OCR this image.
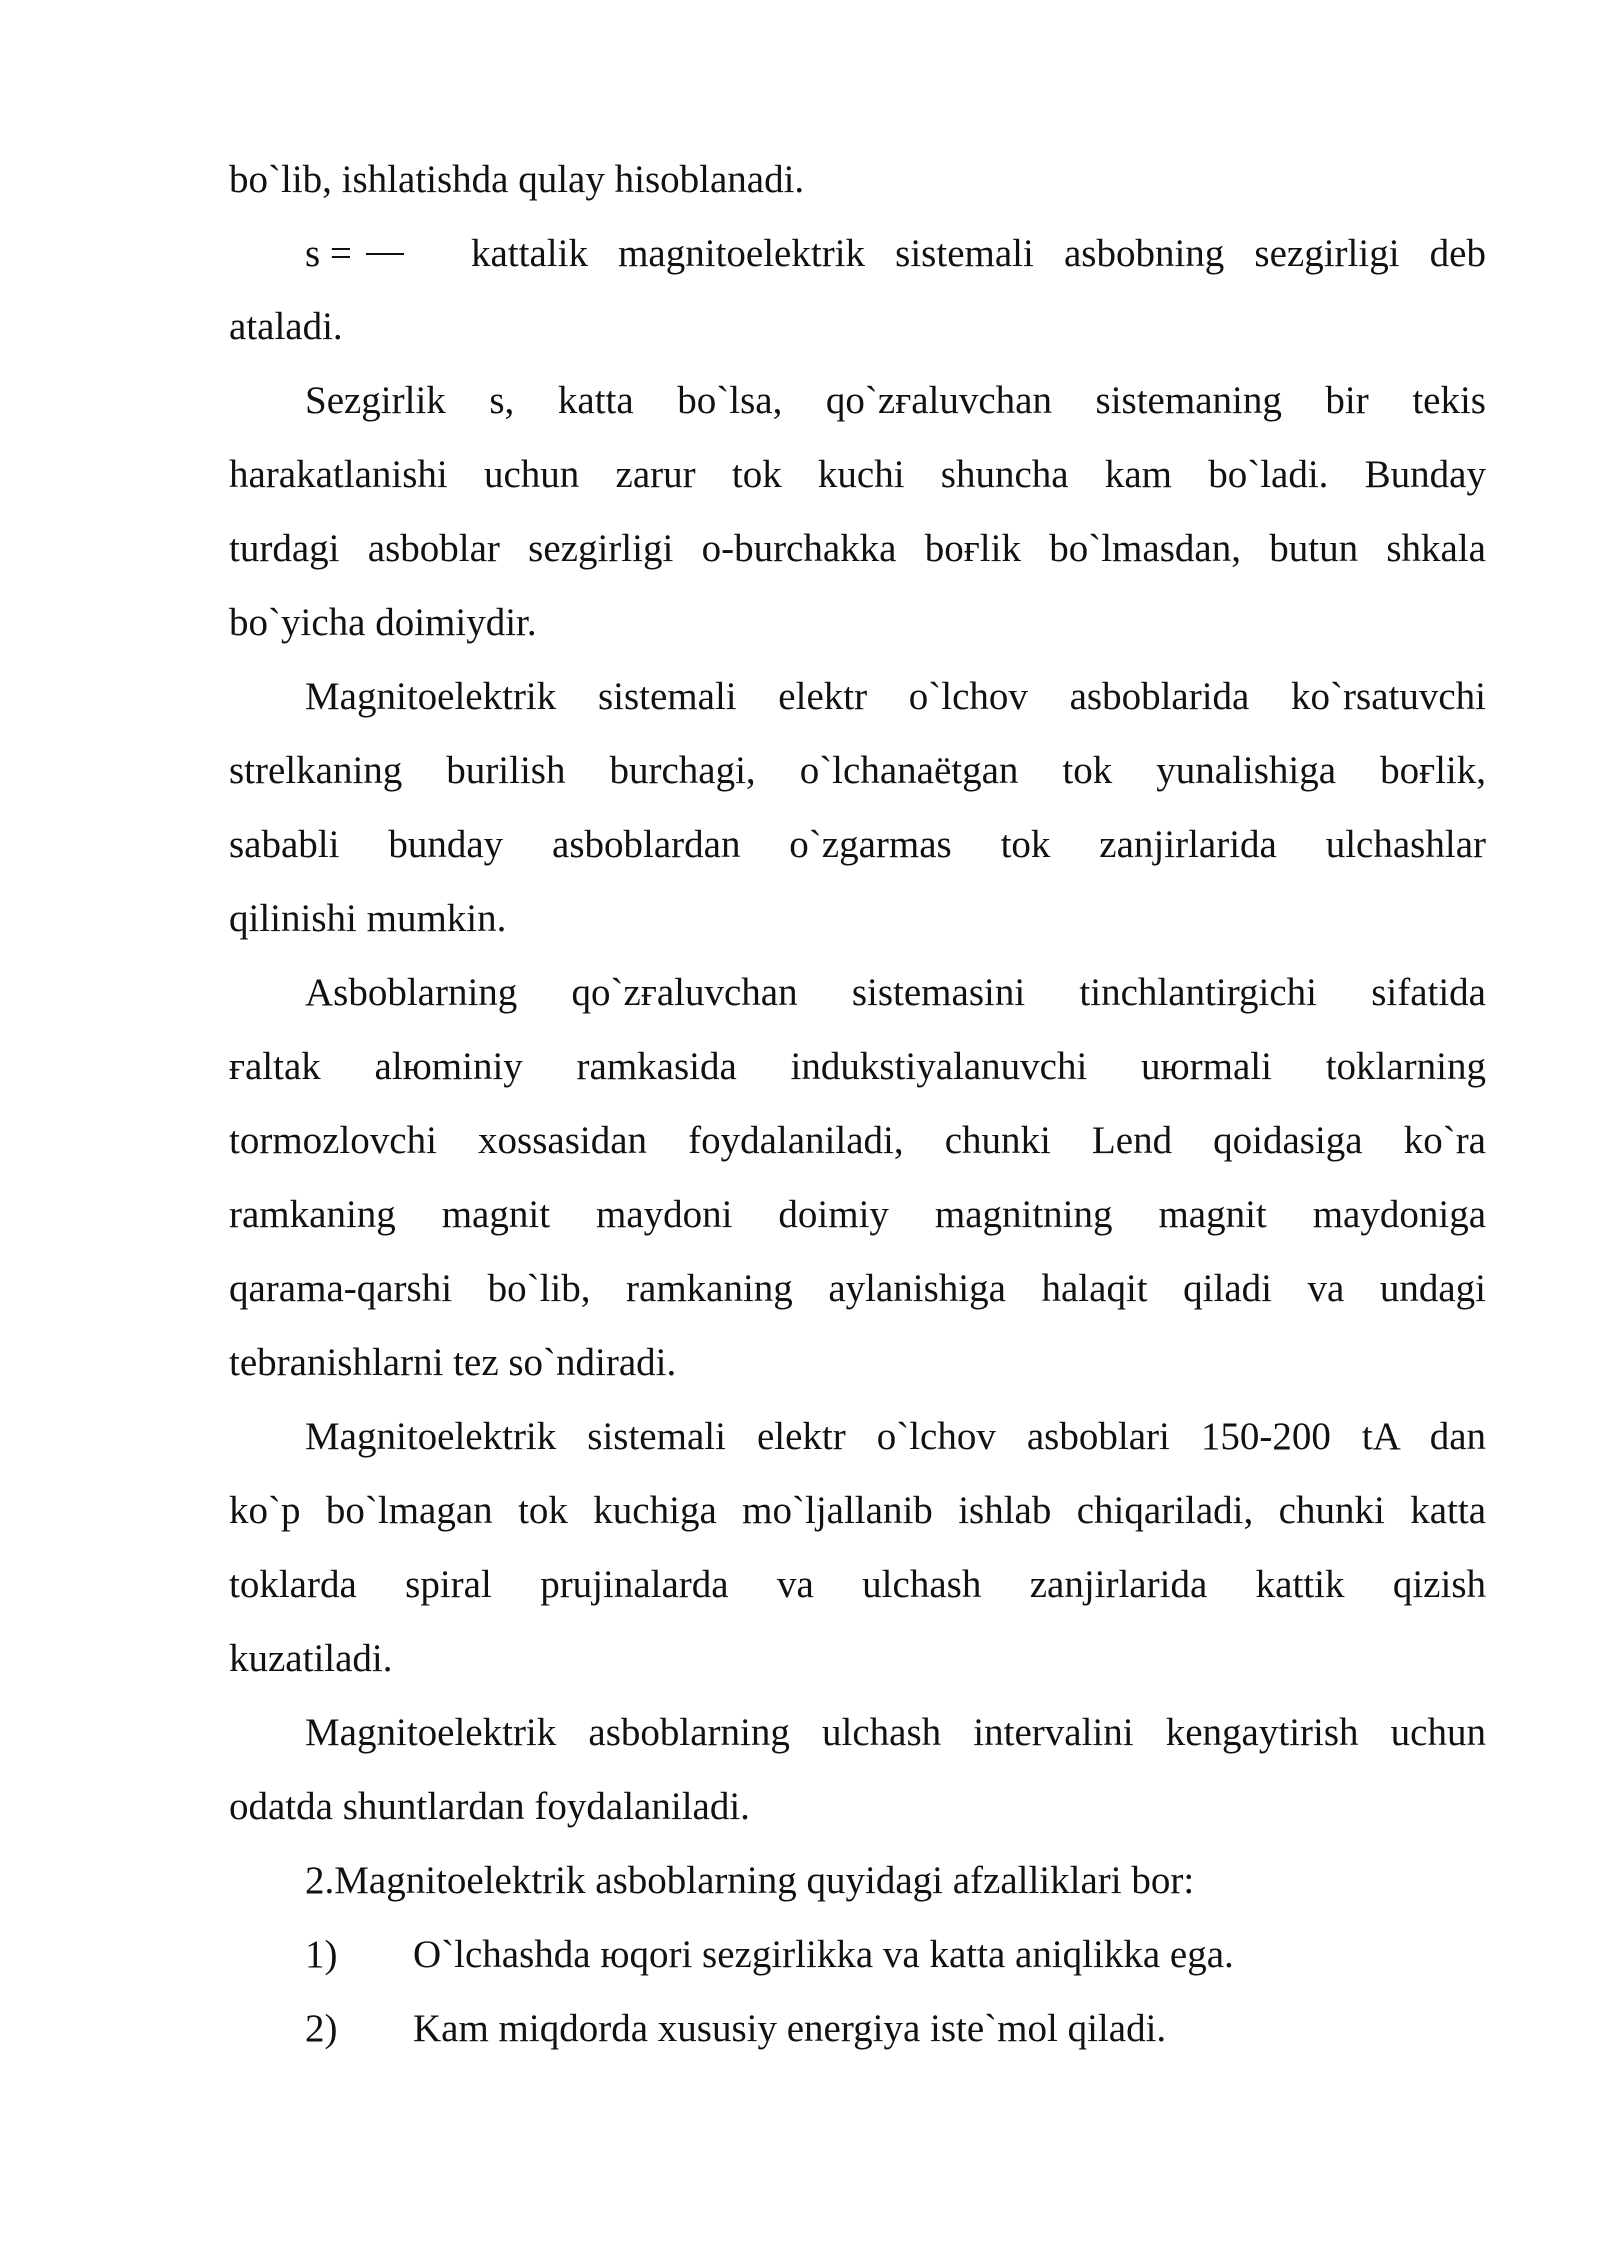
bo`lib, ishlatishda qulay hisoblanadi.
s =	kattalik magnitoelektrik sistemali asbobning sezgirligi deb
ataladi.
Sezgirlik s, katta bo`lsa, qo`zғaluvchan sistemaning bir tekis
harakatlanishi uchun zarur tok kuchi shuncha kam bo`ladi. Bunday
turdagi asboblar sezgirligi o-burchakka boғlik bo`lmasdan, butun shkala
bo`yicha doimiydir.
Magnitoelektrik sistemali elektr o`lchov asboblarida ko`rsatuvchi
strelkaning burilish burchagi, o`lchanaёtgan tok yunalishiga boғlik,
sababli bunday asboblardan o`zgarmas tok zanjirlarida ulchashlar
qilinishi mumkin.
Asboblarning qo`zғaluvchan sistemasini tinchlantirgichi sifatida
ғaltak alюminiy ramkasida indukstiyalanuvchi uюrmali toklarning
tormozlovchi xossasidan foydalaniladi, chunki Lend qoidasiga ko`ra
ramkaning magnit maydoni doimiy magnitning magnit maydoniga
qarama-qarshi bo`lib, ramkaning aylanishiga halaqit qiladi va undagi
tebranishlarni tez so`ndiradi.
Magnitoelektrik sistemali elektr o`lchov asboblari 150-200 tA dan
ko`p bo`lmagan tok kuchiga mo`ljallanib ishlab chiqariladi, chunki katta
toklarda spiral prujinalarda va ulchash zanjirlarida kattik qizish
kuzatiladi.
Magnitoelektrik asboblarning ulchash intervalini kengaytirish uchun
odatda shuntlardan foydalaniladi.
2.Magnitoelektrik asboblarning quyidagi afzalliklari bor:
1) O`lchashda юqori sezgirlikka va katta aniqlikka ega.
2) Kam miqdorda xususiy energiya iste`mol qiladi.
